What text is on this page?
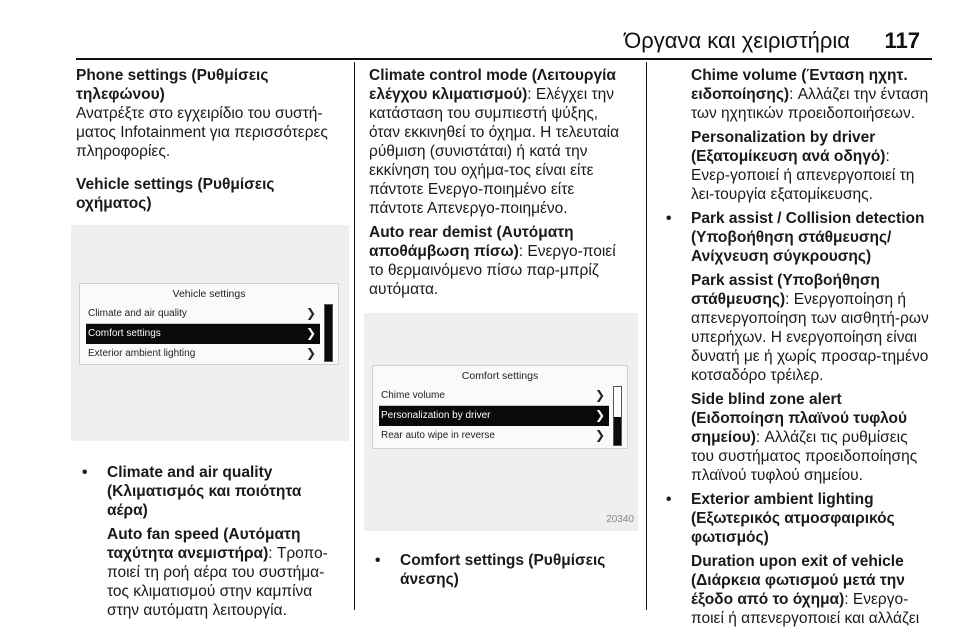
Όργανα και χειριστήρια 117

Phone settings (Ρυθμίσεις τηλεφώνου)

Ανατρέξτε στο εγχειρίδιο του συστή-ματος Infotainment για περισσότερες πληροφορίες.

Vehicle settings (Ρυθμίσεις οχήματος)

Vehicle settings
Climate and air quality	❯
Comfort settings	❯
Exterior ambient lighting	❯
• Climate and air quality (Κλιματισμός και ποιότητα αέρα)

Auto fan speed (Αυτόματη ταχύτητα ανεμιστήρα): Τροπο-ποιεί τη ροή αέρα του συστήμα-τος κλιματισμού στην καμπίνα στην αυτόματη λειτουργία.

Climate control mode (Λειτουργία ελέγχου κλιματισμού): Ελέγχει την κατάσταση του συμπιεστή ψύξης, όταν εκκινηθεί το όχημα. Η τελευταία ρύθμιση (συνιστάται) ή κατά την εκκίνηση του οχήμα-τος είναι είτε πάντοτε Ενεργο-ποιημένο είτε πάντοτε Απενεργο-ποιημένο.

Auto rear demist (Αυτόματη αποθάμβωση πίσω): Ενεργο-ποιεί το θερμαινόμενο πίσω παρ-μπρίζ αυτόματα.

Comfort settings
Chime volume	❯
Personalization by driver	❯
Rear auto wipe in reverse	❯
20340
• Comfort settings (Ρυθμίσεις άνεσης)

Chime volume (Ένταση ηχητ. ειδοποίησης): Αλλάζει την ένταση των ηχητικών προειδοποιήσεων.

Personalization by driver (Εξατομίκευση ανά οδηγό): Ενερ-γοποιεί ή απενεργοποιεί τη λει-τουργία εξατομίκευσης.

• Park assist / Collision detection (Υποβοήθηση στάθμευσης/ Ανίχνευση σύγκρουσης)

Park assist (Υποβοήθηση στάθμευσης): Ενεργοποίηση ή απενεργοποίηση των αισθητή-ρων υπερήχων. Η ενεργοποίηση είναι δυνατή με ή χωρίς προσαρ-τημένο κοτσαδόρο τρέιλερ.

Side blind zone alert (Ειδοποίηση πλαϊνού τυφλού σημείου): Αλλάζει τις ρυθμίσεις του συστήματος προειδοποίησης πλαϊνού τυφλού σημείου.

• Exterior ambient lighting (Εξωτερικός ατμοσφαιρικός φωτισμός)

Duration upon exit of vehicle (Διάρκεια φωτισμού μετά την έξοδο από το όχημα): Ενεργο-ποιεί ή απενεργοποιεί και αλλάζει
